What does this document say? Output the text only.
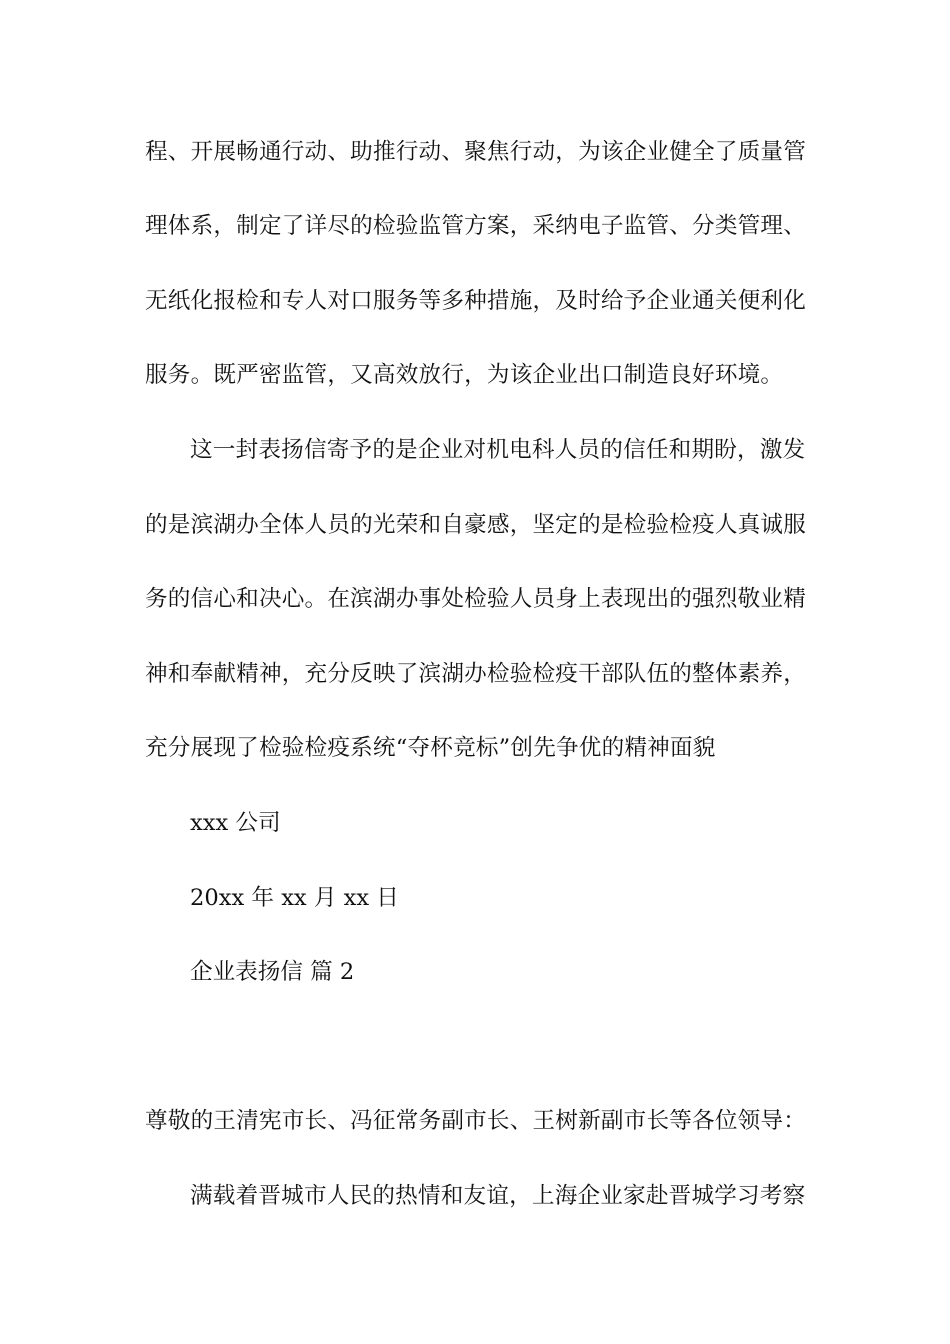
程、开展畅通行动、助推行动、聚焦行动，为该企业健全了质量管
理体系，制定了详尽的检验监管方案，采纳电子监管、分类管理、
无纸化报检和专人对口服务等多种措施，及时给予企业通关便利化
服务。既严密监管，又高效放行，为该企业出口制造良好环境。
这一封表扬信寄予的是企业对机电科人员的信任和期盼，激发
的是滨湖办全体人员的光荣和自豪感，坚定的是检验检疫人真诚服
务的信心和决心。在滨湖办事处检验人员身上表现出的强烈敬业精
神和奉献精神，充分反映了滨湖办检验检疫干部队伍的整体素养，
充分展现了检验检疫系统“夺杯竞标”创先争优的精神面貌
xxx 公司
20xx 年 xx 月 xx 日
企业表扬信 篇 2
尊敬的王清宪市长、冯征常务副市长、王树新副市长等各位领导：
满载着晋城市人民的热情和友谊，上海企业家赴晋城学习考察
